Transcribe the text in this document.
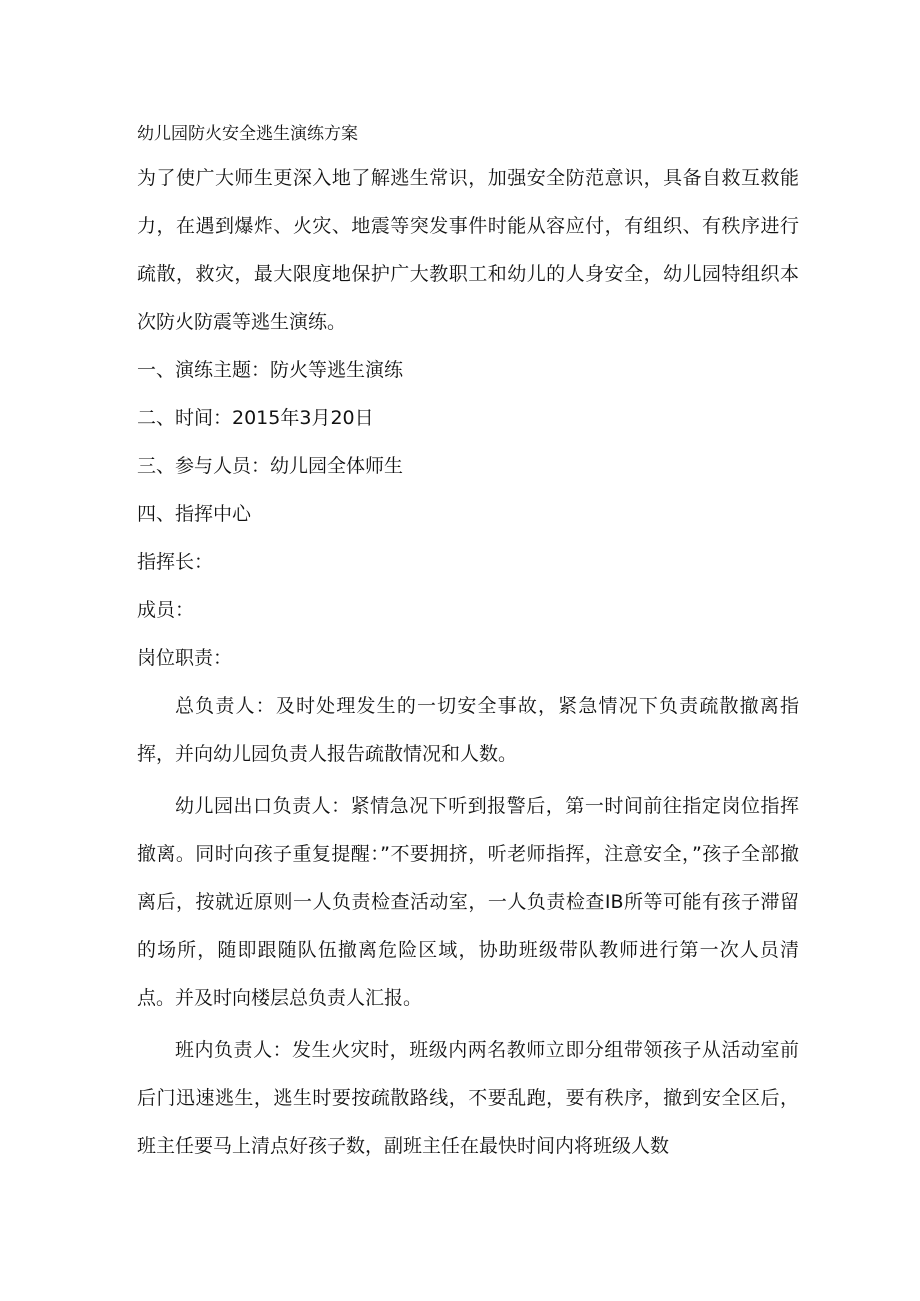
幼儿园防火安全逃生演练方案
为了使广大师生更深入地了解逃生常识，加强安全防范意识，具备自救互救能力，在遇到爆炸、火灾、地震等突发事件时能从容应付，有组织、有秩序进行疏散，救灾，最大限度地保护广大教职工和幼儿的人身安全，幼儿园特组织本次防火防震等逃生演练。
一、演练主题：防火等逃生演练
二、时间：2015年3月20日
三、参与人员：幼儿园全体师生
四、指挥中心
指挥长：
成员：
岗位职责：
总负责人：及时处理发生的一切安全事故，紧急情况下负责疏散撤离指挥，并向幼儿园负责人报告疏散情况和人数。
幼儿园出口负责人：紧情急况下听到报警后，第一时间前往指定岗位指挥撤离。同时向孩子重复提醒：”不要拥挤，听老师指挥，注意安全，”孩子全部撤离后，按就近原则一人负责检查活动室，一人负责检查IB所等可能有孩子滞留的场所，随即跟随队伍撤离危险区域，协助班级带队教师进行第一次人员清点。并及时向楼层总负责人汇报。
班内负责人：发生火灾时，班级内两名教师立即分组带领孩子从活动室前后门迅速逃生，逃生时要按疏散路线，不要乱跑，要有秩序，撤到安全区后，班主任要马上清点好孩子数，副班主任在最快时间内将班级人数
